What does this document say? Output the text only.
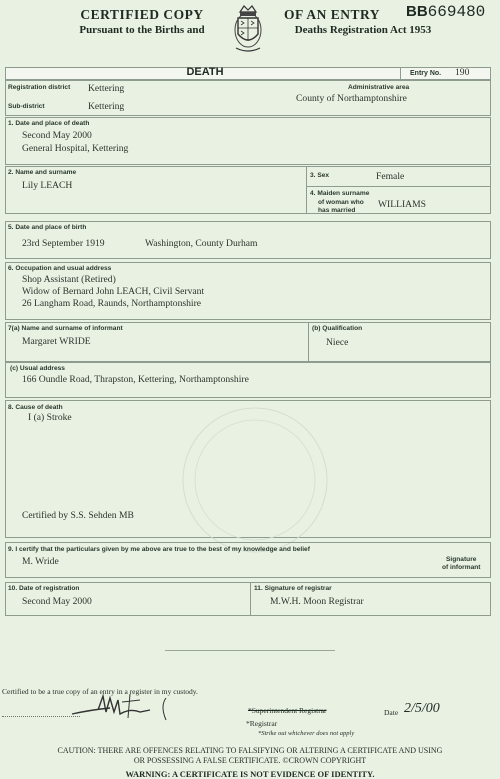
CERTIFIED COPY
Pursuant to the Births and
OF AN ENTRY
Deaths Registration Act 1953
BB669480
DEATH	Entry No. 190
Registration district Kettering
Sub-district	Kettering
Administrative area
County of Northamptonshire
1. Date and place of death
Second May 2000
General Hospital, Kettering
2. Name and surname
Lily LEACH
3. Sex	Female
4. Maiden surname
of woman who
has married
WILLIAMS
5. Date and place of birth
23rd September 1919	Washington, County Durham
6. Occupation and usual address
Shop Assistant (Retired)
Widow of Bernard John LEACH, Civil Servant
26 Langham Road, Raunds, Northamptonshire
7(a) Name and surname of informant
Margaret WRIDE
(b) Qualification
Niece
(c) Usual address
166 Oundle Road, Thrapston, Kettering, Northamptonshire
8. Cause of death
I (a) Stroke
Certified by S.S. Sehden MB
9. I certify that the particulars given by me above are true to the best of my knowledge and belief
M. Wride	Signature
of informant
10. Date of registration
Second May 2000
11. Signature of registrar
M.W.H. Moon Registrar
Certified to be a true copy of an entry in a register in my custody.
*Superintendent Registrar
*Registrar
*Strike out whichever does not apply
Date 2/5/00
CAUTION: THERE ARE OFFENCES RELATING TO FALSIFYING OR ALTERING A CERTIFICATE AND USING
OR POSSESSING A FALSE CERTIFICATE. ©CROWN COPYRIGHT
WARNING: A CERTIFICATE IS NOT EVIDENCE OF IDENTITY.
